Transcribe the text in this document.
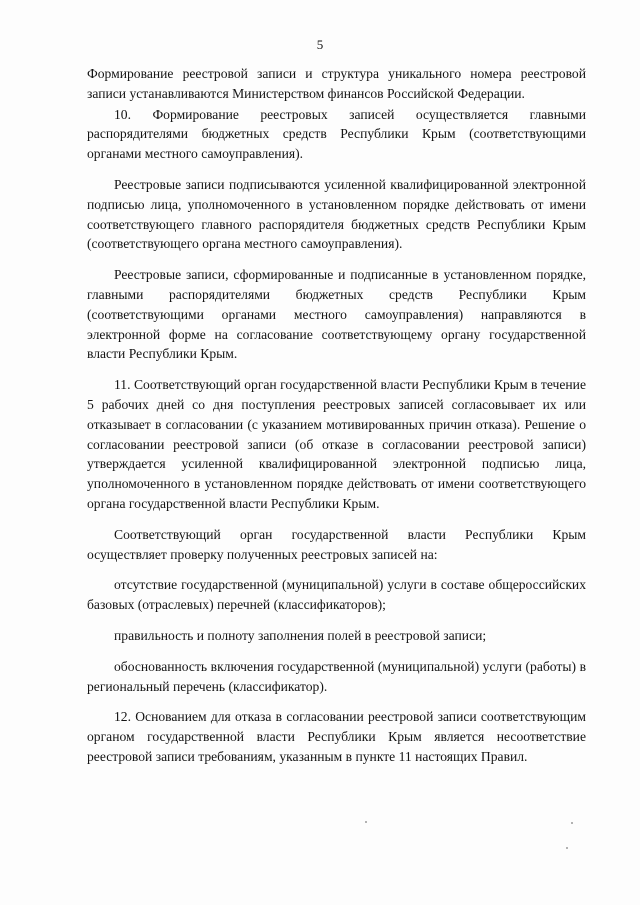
5

Формирование реестровой записи и структура уникального номера реестровой записи устанавливаются Министерством финансов Российской Федерации.

10. Формирование реестровых записей осуществляется главными распорядителями бюджетных средств Республики Крым (соответствующими органами местного самоуправления).

Реестровые записи подписываются усиленной квалифицированной электронной подписью лица, уполномоченного в установленном порядке действовать от имени соответствующего главного распорядителя бюджетных средств Республики Крым (соответствующего органа местного самоуправления).

Реестровые записи, сформированные и подписанные в установленном порядке, главными распорядителями бюджетных средств Республики Крым (соответствующими органами местного самоуправления) направляются в электронной форме на согласование соответствующему органу государственной власти Республики Крым.

11. Соответствующий орган государственной власти Республики Крым в течение 5 рабочих дней со дня поступления реестровых записей согласовывает их или отказывает в согласовании (с указанием мотивированных причин отказа). Решение о согласовании реестровой записи (об отказе в согласовании реестровой записи) утверждается усиленной квалифицированной электронной подписью лица, уполномоченного в установленном порядке действовать от имени соответствующего органа государственной власти Республики Крым.

Соответствующий орган государственной власти Республики Крым осуществляет проверку полученных реестровых записей на:

отсутствие государственной (муниципальной) услуги в составе общероссийских базовых (отраслевых) перечней (классификаторов);

правильность и полноту заполнения полей в реестровой записи;

обоснованность включения государственной (муниципальной) услуги (работы) в региональный перечень (классификатор).

12. Основанием для отказа в согласовании реестровой записи соответствующим органом государственной власти Республики Крым является несоответствие реестровой записи требованиям, указанным в пункте 11 настоящих Правил.
